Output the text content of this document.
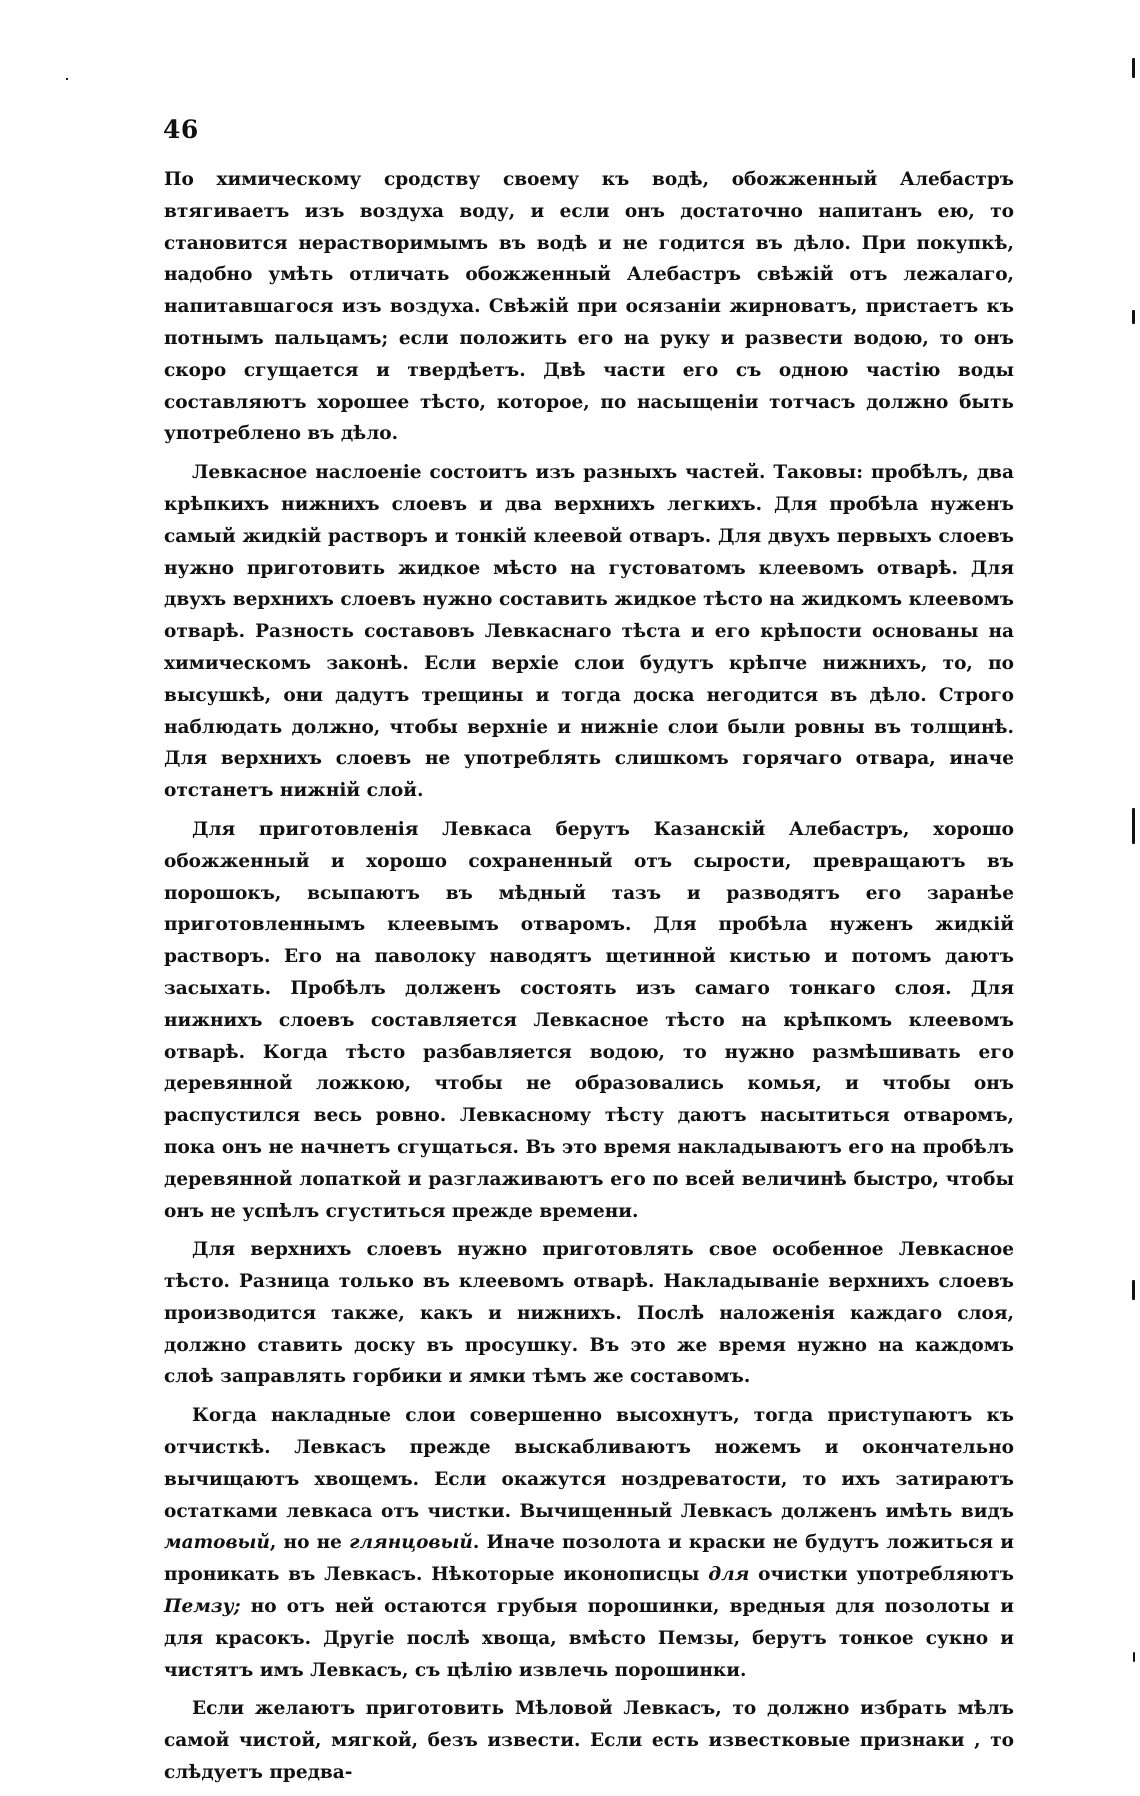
46

По химическому сродству своему къ водѣ, обожженный Алебастръ втягиваетъ изъ воздуха воду, и если онъ достаточно напитанъ ею, то становится нерастворимымъ въ водѣ и не годится въ дѣло. При покупкѣ, надобно умѣть отличать обожженный Алебастръ свѣжій отъ лежалаго, напитавшагося изъ воздуха. Свѣжій при осязаніи жирноватъ, пристаетъ къ потнымъ пальцамъ; если положить его на руку и развести водою, то онъ скоро сгущается и твердѣетъ. Двѣ части его съ одною частію воды составляютъ хорошее тѣсто, которое, по насыщеніи тотчасъ должно быть употреблено въ дѣло.

Левкасное наслоеніе состоитъ изъ разныхъ частей. Таковы: пробѣлъ, два крѣпкихъ нижнихъ слоевъ и два верхнихъ легкихъ. Для пробѣла нуженъ самый жидкій растворъ и тонкій клеевой отваръ. Для двухъ первыхъ слоевъ нужно приготовить жидкое мѣсто на густоватомъ клеевомъ отварѣ. Для двухъ верхнихъ слоевъ нужно составить жидкое тѣсто на жидкомъ клеевомъ отварѣ. Разность составовъ Левкаснаго тѣста и его крѣпости основаны на химическомъ законѣ. Если верхіе слои будутъ крѣпче нижнихъ, то, по высушкѣ, они дадутъ трещины и тогда доска негодится въ дѣло. Строго наблюдать должно, чтобы верхніе и нижніе слои были ровны въ толщинѣ. Для верхнихъ слоевъ не употреблять слишкомъ горячаго отвара, иначе отстанетъ нижній слой.

Для приготовленія Левкаса берутъ Казанскій Алебастръ, хорошо обожженный и хорошо сохраненный отъ сырости, превращаютъ въ порошокъ, всыпаютъ въ мѣдный тазъ и разводятъ его заранѣе приготовленнымъ клеевымъ отваромъ. Для пробѣла нуженъ жидкій растворъ. Его на паволоку наводятъ щетинной кистью и потомъ даютъ засыхать. Пробѣлъ долженъ состоять изъ самаго тонкаго слоя. Для нижнихъ слоевъ составляется Левкасное тѣсто на крѣпкомъ клеевомъ отварѣ. Когда тѣсто разбавляется водою, то нужно размѣшивать его деревянной ложкою, чтобы не образовались комья, и чтобы онъ распустился весь ровно. Левкасному тѣсту даютъ насытиться отваромъ, пока онъ не начнетъ сгущаться. Въ это время накладываютъ его на пробѣлъ деревянной лопаткой и разглаживаютъ его по всей величинѣ быстро, чтобы онъ не успѣлъ сгуститься прежде времени.

Для верхнихъ слоевъ нужно приготовлять свое особенное Левкасное тѣсто. Разница только въ клеевомъ отварѣ. Накладываніе верхнихъ слоевъ производится также, какъ и нижнихъ. Послѣ наложенія каждаго слоя, должно ставить доску въ просушку. Въ это же время нужно на каждомъ слоѣ заправлять горбики и ямки тѣмъ же составомъ.

Когда накладные слои совершенно высохнутъ, тогда приступаютъ къ отчисткѣ. Левкасъ прежде выскабливаютъ ножемъ и окончательно вычищаютъ хвощемъ. Если окажутся ноздреватости, то ихъ затираютъ остатками левкаса отъ чистки. Вычищенный Левкасъ долженъ имѣть видъ матовый, но не глянцовый. Иначе позолота и краски не будутъ ложиться и проникать въ Левкасъ. Нѣкоторые иконописцы для очистки употребляютъ Пемзу; но отъ ней остаются грубыя порошинки, вредныя для позолоты и для красокъ. Другіе послѣ хвоща, вмѣсто Пемзы, берутъ тонкое сукно и чистятъ имъ Левкасъ, съ цѣлію извлечь порошинки.

Если желаютъ приготовить Мѣловой Левкасъ, то должно избрать мѣлъ самой чистой, мягкой, безъ извести. Если есть известковые признаки , то слѣдуетъ предва-
